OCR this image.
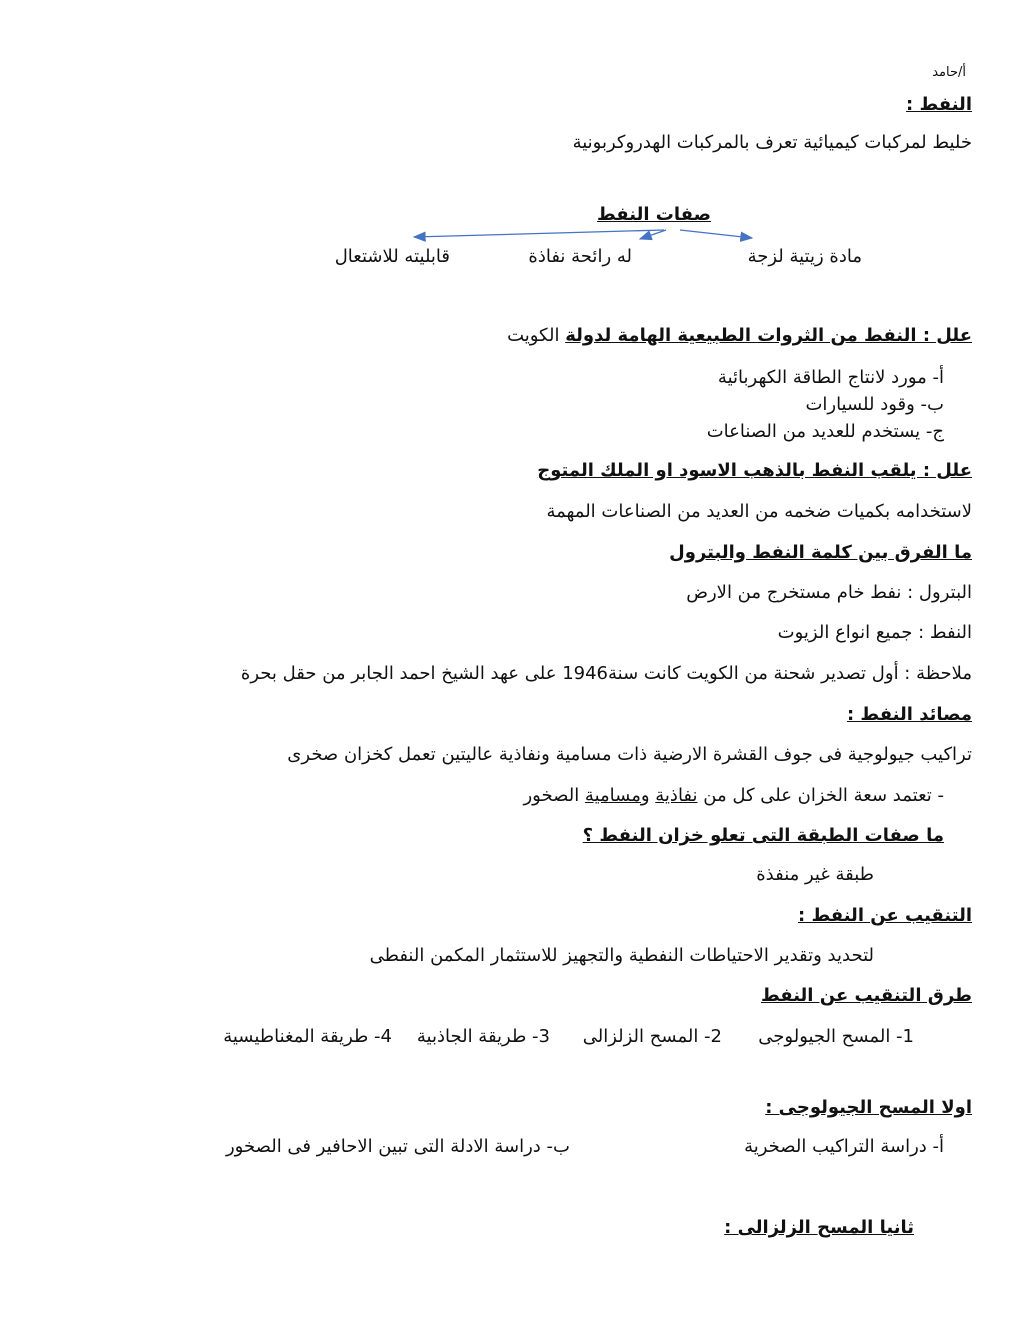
أ/حامد
النفط :
خليط لمركبات كيميائية تعرف بالمركبات الهدروكربونية
صفات النفط
مادة زيتية لزجة
له رائحة نفاذة
قابليته للاشتعال
علل : النفط من الثروات الطبيعية الهامة لدولة الكويت
أ- مورد لانتاج الطاقة الكهربائية
ب- وقود للسيارات
ج- يستخدم للعديد من الصناعات
علل : يلقب النفط بالذهب الاسود او الملك المتوج
لاستخدامه بكميات ضخمه من العديد من الصناعات المهمة
ما الفرق بين كلمة النفط والبترول
البترول : نفط خام مستخرج من الارض
النفط : جميع انواع الزيوت
ملاحظة : أول تصدير شحنة من الكويت كانت سنة1946 على عهد الشيخ احمد الجابر من حقل بحرة
مصائد النفط :
تراكيب جيولوجية فى جوف القشرة الارضية ذات مسامية ونفاذية عاليتين تعمل كخزان صخرى
- تعتمد سعة الخزان على كل من نفاذية ومسامية الصخور
ما صفات الطبقة التى تعلو خزان النفط ؟
طبقة غير منفذة
التنقيب عن النفط :
لتحديد وتقدير الاحتياطات النفطية والتجهيز للاستثمار المكمن النفطى
طرق التنقيب عن النفط
1- المسح الجيولوجى
2- المسح الزلزالى
3- طريقة الجاذبية
4- طريقة المغناطيسية
اولا المسح الجيولوجى :
أ- دراسة التراكيب الصخرية
ب- دراسة الادلة التى تبين الاحافير فى الصخور
ثانيا المسح الزلزالى :
